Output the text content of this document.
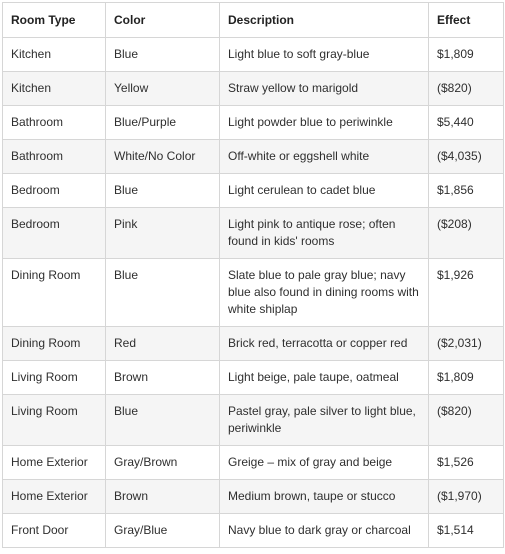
Room Type	Color	Description	Effect
Kitchen	Blue	Light blue to soft gray-blue	$1,809
Kitchen	Yellow	Straw yellow to marigold	($820)
Bathroom	Blue/Purple	Light powder blue to periwinkle	$5,440
Bathroom	White/No Color	Off-white or eggshell white	($4,035)
Bedroom	Blue	Light cerulean to cadet blue	$1,856
Bedroom	Pink	Light pink to antique rose; often found in kids' rooms	($208)
Dining Room	Blue	Slate blue to pale gray blue; navy blue also found in dining rooms with white shiplap	$1,926
Dining Room	Red	Brick red, terracotta or copper red	($2,031)
Living Room	Brown	Light beige, pale taupe, oatmeal	$1,809
Living Room	Blue	Pastel gray, pale silver to light blue, periwinkle	($820)
Home Exterior	Gray/Brown	Greige – mix of gray and beige	$1,526
Home Exterior	Brown	Medium brown, taupe or stucco	($1,970)
Front Door	Gray/Blue	Navy blue to dark gray or charcoal	$1,514
